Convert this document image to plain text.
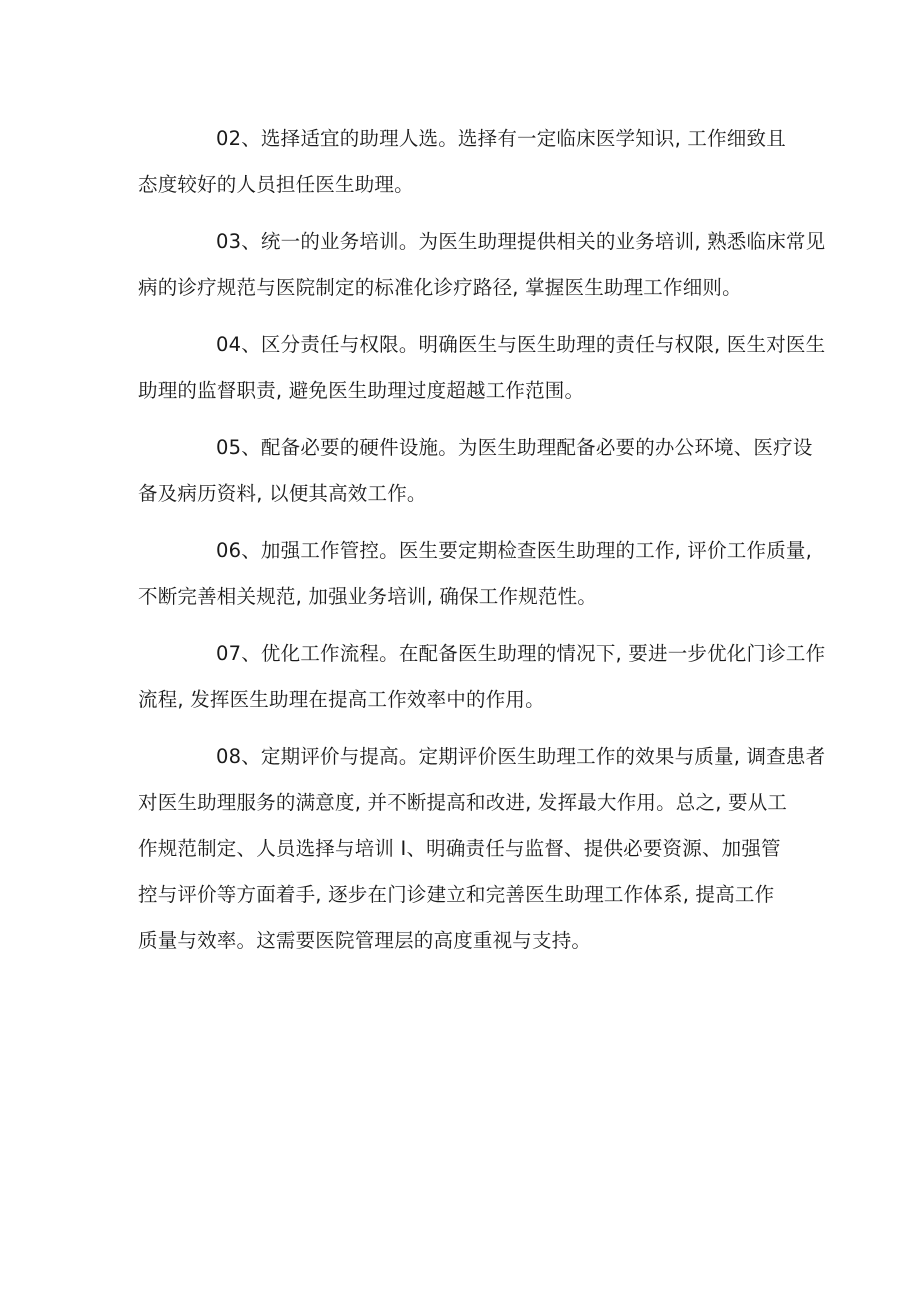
02、选择适宜的助理人选。选择有一定临床医学知识, 工作细致且
态度较好的人员担任医生助理。

03、统一的业务培训。为医生助理提供相关的业务培训, 熟悉临床常见
病的诊疗规范与医院制定的标准化诊疗路径, 掌握医生助理工作细则。

04、区分责任与权限。明确医生与医生助理的责任与权限, 医生对医生
助理的监督职责, 避免医生助理过度超越工作范围。

05、配备必要的硬件设施。为医生助理配备必要的办公环境、医疗设
备及病历资料, 以便其高效工作。

06、加强工作管控。医生要定期检查医生助理的工作, 评价工作质量,
不断完善相关规范, 加强业务培训, 确保工作规范性。

07、优化工作流程。在配备医生助理的情况下, 要进一步优化门诊工作
流程, 发挥医生助理在提高工作效率中的作用。

08、定期评价与提高。定期评价医生助理工作的效果与质量, 调查患者
对医生助理服务的满意度, 并不断提高和改进, 发挥最大作用。总之, 要从工
作规范制定、人员选择与培训 I、明确责任与监督、提供必要资源、加强管
控与评价等方面着手, 逐步在门诊建立和完善医生助理工作体系, 提高工作
质量与效率。这需要医院管理层的高度重视与支持。
